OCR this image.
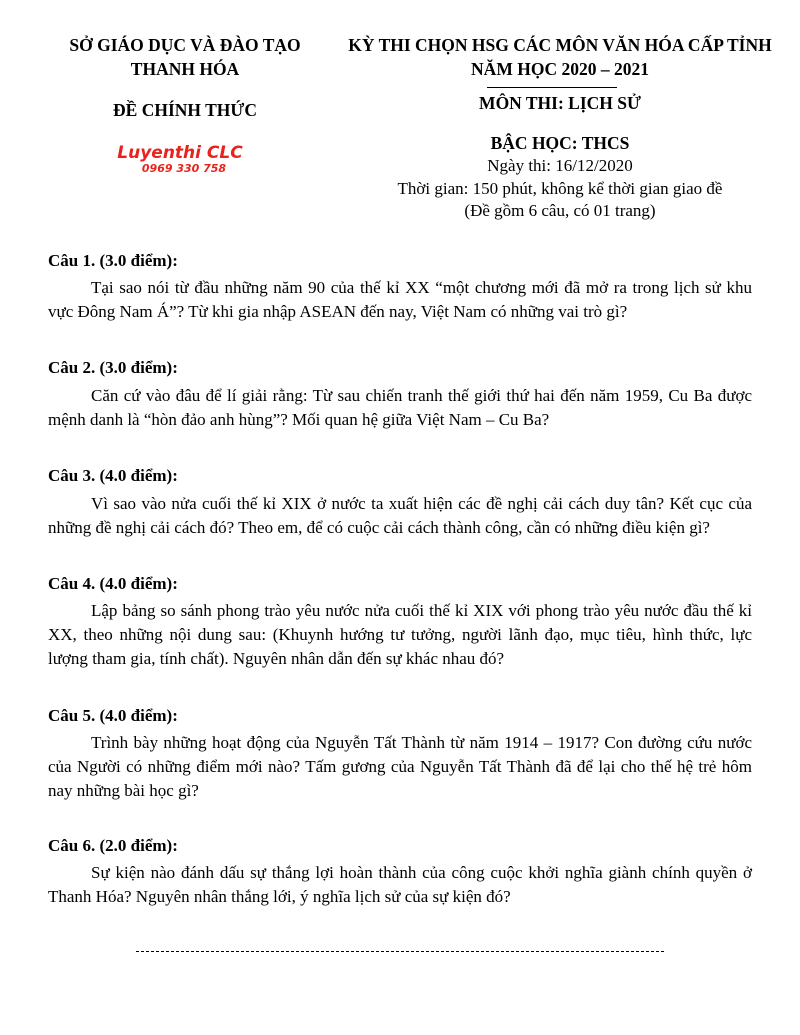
SỞ GIÁO DỤC VÀ ĐÀO TẠO
THANH HÓA
ĐỀ CHÍNH THỨC
Luyenthi CLC
0969 330 758
KỲ THI CHỌN HSG CÁC MÔN VĂN HÓA CẤP TỈNH
NĂM HỌC 2020 – 2021
MÔN THI: LỊCH SỬ
BẬC HỌC: THCS
Ngày thi: 16/12/2020
Thời gian: 150 phút, không kể thời gian giao đề
(Đề gồm 6 câu, có 01 trang)
Câu 1. (3.0 điểm):
Tại sao nói từ đầu những năm 90 của thế kỉ XX “một chương mới đã mở ra trong lịch sử khu vực Đông Nam Á”? Từ khi gia nhập ASEAN đến nay, Việt Nam có những vai trò gì?
Câu 2. (3.0 điểm):
Căn cứ vào đâu để lí giải rằng: Từ sau chiến tranh thế giới thứ hai đến năm 1959, Cu Ba được mệnh danh là “hòn đảo anh hùng”? Mối quan hệ giữa Việt Nam – Cu Ba?
Câu 3. (4.0 điểm):
Vì sao vào nửa cuối thế kỉ XIX ở nước ta xuất hiện các đề nghị cải cách duy tân? Kết cục của những đề nghị cải cách đó? Theo em, để có cuộc cải cách thành công, cần có những điều kiện gì?
Câu 4. (4.0 điểm):
Lập bảng so sánh phong trào yêu nước nửa cuối thế kỉ XIX với phong trào yêu nước đầu thế kỉ XX, theo những nội dung sau: (Khuynh hướng tư tưởng, người lãnh đạo, mục tiêu, hình thức, lực lượng tham gia, tính chất). Nguyên nhân dẫn đến sự khác nhau đó?
Câu 5. (4.0 điểm):
Trình bày những hoạt động của Nguyễn Tất Thành từ năm 1914 – 1917? Con đường cứu nước của Người có những điểm mới nào? Tấm gương của Nguyễn Tất Thành đã để lại cho thế hệ trẻ hôm nay những bài học gì?
Câu 6. (2.0 điểm):
Sự kiện nào đánh dấu sự thắng lợi hoàn thành của công cuộc khởi nghĩa giành chính quyền ở Thanh Hóa? Nguyên nhân thắng lới, ý nghĩa lịch sử của sự kiện đó?
